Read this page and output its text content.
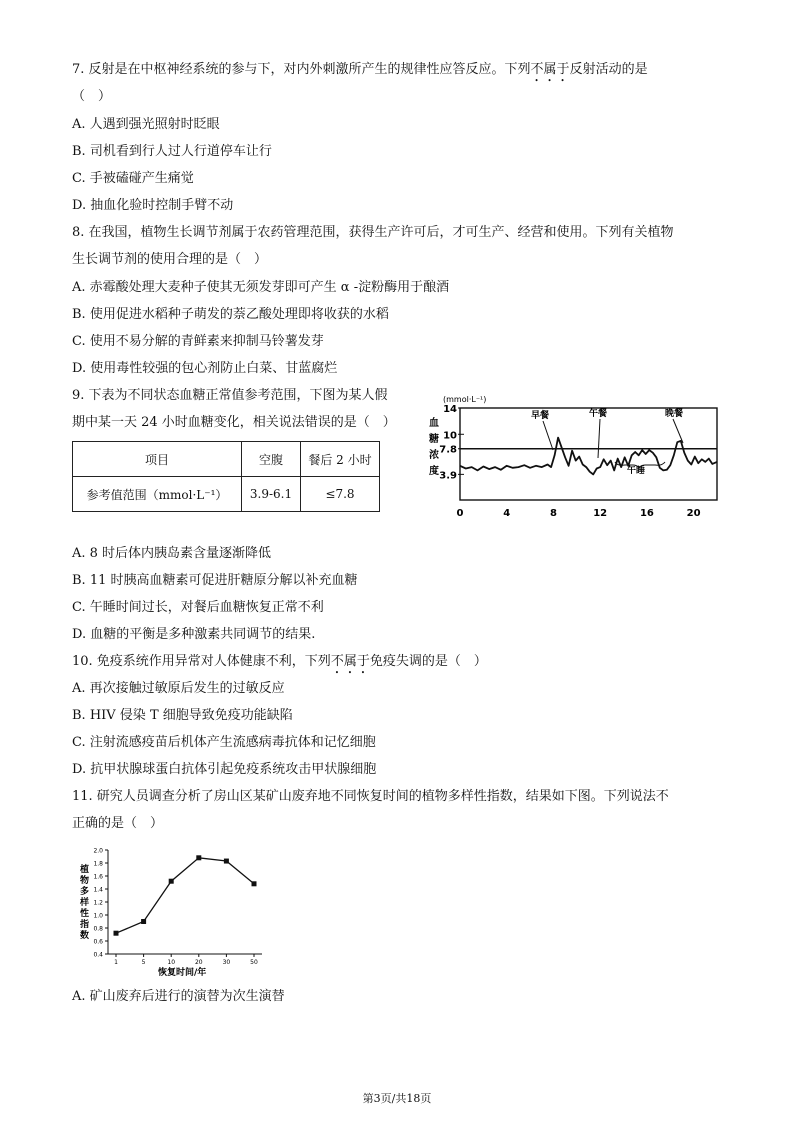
7. 反射是在中枢神经系统的参与下，对内外刺激所产生的规律性应答反应。下列不属于反射活动的是
（　）
A. 人遇到强光照射时眨眼
B. 司机看到行人过人行道停车让行
C. 手被磕碰产生痛觉
D. 抽血化验时控制手臂不动
8. 在我国，植物生长调节剂属于农药管理范围，获得生产许可后，才可生产、经营和使用。下列有关植物
生长调节剂的使用合理的是（　）
A. 赤霉酸处理大麦种子使其无须发芽即可产生 α -淀粉酶用于酿酒
B. 使用促进水稻种子萌发的萘乙酸处理即将收获的水稻
C. 使用不易分解的青鲜素来抑制马铃薯发芽
D. 使用毒性较强的包心剂防止白菜、甘蓝腐烂
9. 下表为不同状态血糖正常值参考范围，下图为某人假
期中某一天 24 小时血糖变化，相关说法错误的是（　）
项目	空腹	餐后 2 小时
参考值范围（mmol·L⁻¹）	3.9-6.1	≤7.8
(mmol·L⁻¹)
血
糖
浓
度
14
10
7.8
3.9
0	4	8	12	16	20
早餐	午餐	晚餐
午睡
A. 8 时后体内胰岛素含量逐渐降低
B. 11 时胰高血糖素可促进肝糖原分解以补充血糖
C. 午睡时间过长，对餐后血糖恢复正常不利
D. 血糖的平衡是多种激素共同调节的结果.
10. 免疫系统作用异常对人体健康不利，下列不属于免疫失调的是（　）
A. 再次接触过敏原后发生的过敏反应
B. HIV 侵染 T 细胞导致免疫功能缺陷
C. 注射流感疫苗后机体产生流感病毒抗体和记忆细胞
D. 抗甲状腺球蛋白抗体引起免疫系统攻击甲状腺细胞
11. 研究人员调查分析了房山区某矿山废弃地不同恢复时间的植物多样性指数，结果如下图。下列说法不
正确的是（　）
植
物
多
样
性
指
数
0.4
0.6
0.8
1.0
1.2
1.4
1.6
1.8
2.0
1	5	10	20	30	50
恢复时间/年
A. 矿山废弃后进行的演替为次生演替
第3页/共18页
